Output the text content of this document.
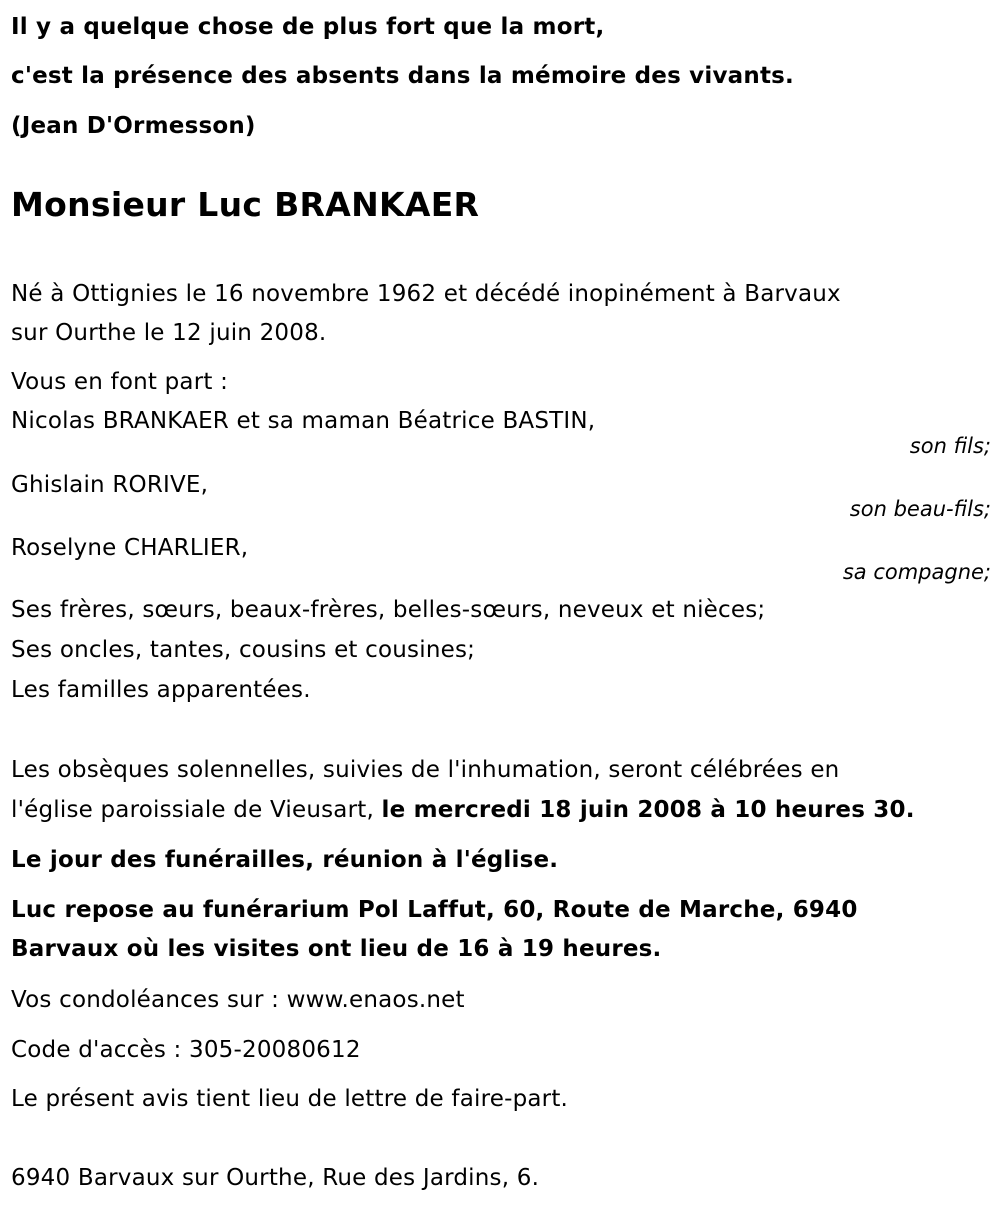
Il y a quelque chose de plus fort que la mort,
c'est la présence des absents dans la mémoire des vivants.
(Jean D'Ormesson)
Monsieur Luc BRANKAER
Né à Ottignies le 16 novembre 1962 et décédé inopinément à Barvaux
sur Ourthe le 12 juin 2008.
Vous en font part :
Nicolas BRANKAER et sa maman Béatrice BASTIN,
son fils;
Ghislain RORIVE,
son beau-fils;
Roselyne CHARLIER,
sa compagne;
Ses frères, sœurs, beaux-frères, belles-sœurs, neveux et nièces;
Ses oncles, tantes, cousins et cousines;
Les familles apparentées.
Les obsèques solennelles, suivies de l'inhumation, seront célébrées en
l'église paroissiale de Vieusart, le mercredi 18 juin 2008 à 10 heures 30.
Le jour des funérailles, réunion à l'église.
Luc repose au funérarium Pol Laffut, 60, Route de Marche, 6940
Barvaux où les visites ont lieu de 16 à 19 heures.
Vos condoléances sur : www.enaos.net
Code d'accès : 305-20080612
Le présent avis tient lieu de lettre de faire-part.
6940 Barvaux sur Ourthe, Rue des Jardins, 6.
